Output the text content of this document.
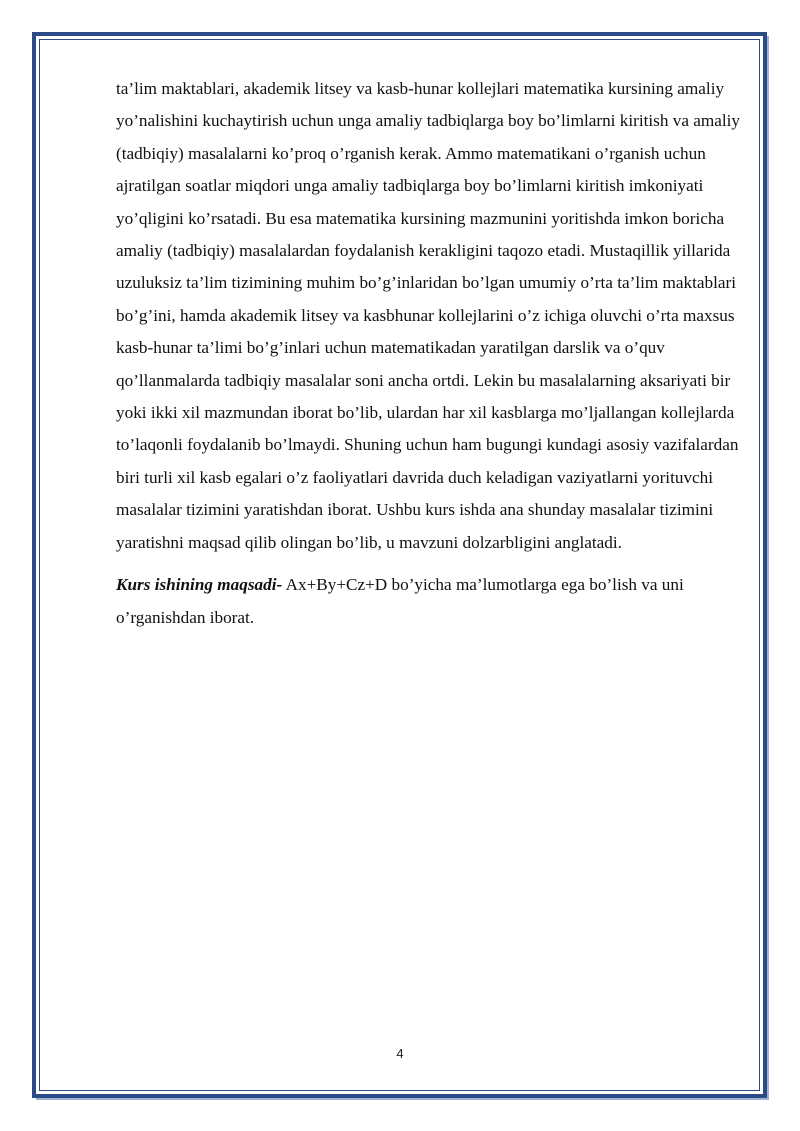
ta’lim maktablari, akademik litsey va kasb-hunar kollejlari matematika kursining amaliy yo’nalishini kuchaytirish uchun unga amaliy tadbiqlarga boy bo’limlarni kiritish va amaliy (tadbiqiy) masalalarni ko’proq o’rganish kerak. Ammo matematikani o’rganish uchun ajratilgan soatlar miqdori unga amaliy tadbiqlarga boy bo’limlarni kiritish imkoniyati yo’qligini ko’rsatadi. Bu esa matematika kursining mazmunini yoritishda imkon boricha amaliy (tadbiqiy) masalalardan foydalanish kerakligini taqozo etadi. Mustaqillik yillarida uzuluksiz ta’lim tizimining muhim bo’g’inlaridan bo’lgan umumiy o’rta ta’lim maktablari bo’g’ini, hamda akademik litsey va kasbhunar kollejlarini o’z ichiga oluvchi o’rta maxsus kasb-hunar ta’limi bo’g’inlari uchun matematikadan yaratilgan darslik va o’quv qo’llanmalarda tadbiqiy masalalar soni ancha ortdi. Lekin bu masalalarning aksariyati bir yoki ikki xil mazmundan iborat bo’lib, ulardan har xil kasblarga mo’ljallangan kollejlarda to’laqonli foydalanib bo’lmaydi. Shuning uchun ham bugungi kundagi asosiy vazifalardan biri turli xil kasb egalari o’z faoliyatlari davrida duch keladigan vaziyatlarni yorituvchi masalalar tizimini yaratishdan iborat. Ushbu kurs ishda ana shunday masalalar tizimini yaratishni maqsad qilib olingan bo’lib, u mavzuni dolzarbligini anglatadi.

Kurs ishining maqsadi- Ax+By+Cz+D bo’yicha ma’lumotlarga ega bo’lish va uni o’rganishdan iborat.

4
